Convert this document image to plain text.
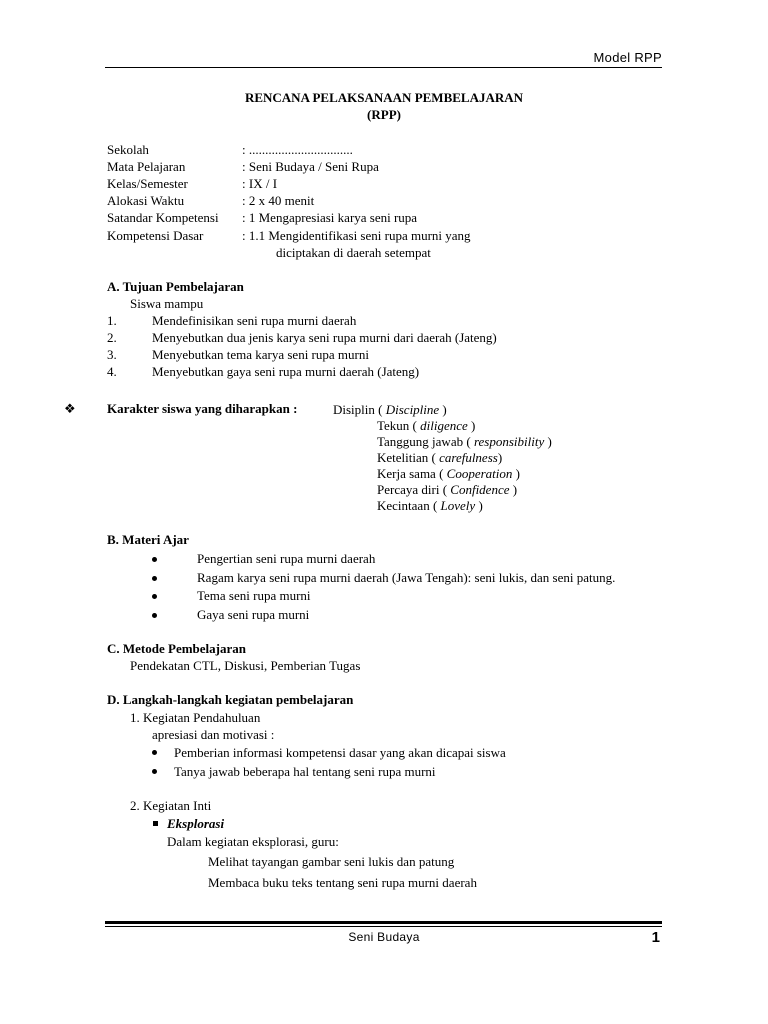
Model RPP
RENCANA PELAKSANAAN PEMBELAJARAN
(RPP)
Sekolah	: ................................
Mata Pelajaran	: Seni Budaya / Seni Rupa
Kelas/Semester	: IX / I
Alokasi Waktu	: 2 x 40 menit
Satandar Kompetensi : 1 Mengapresiasi karya seni rupa
Kompetensi Dasar	: 1.1 Mengidentifikasi seni rupa murni yang
diciptakan di daerah setempat
A. Tujuan Pembelajaran
Siswa mampu
1.	Mendefinisikan seni rupa murni daerah
2.	Menyebutkan dua jenis karya seni rupa murni dari daerah (Jateng)
3.	Menyebutkan tema karya seni rupa murni
4.	Menyebutkan gaya seni rupa murni daerah (Jateng)
❖ Karakter siswa yang diharapkan :	Disiplin ( Discipline )
Tekun ( diligence )
Tanggung jawab ( responsibility )
Ketelitian ( carefulness)
Kerja sama ( Cooperation )
Percaya diri ( Confidence )
Kecintaan ( Lovely )
B. Materi Ajar
Pengertian seni rupa murni daerah
Ragam karya seni rupa murni daerah (Jawa Tengah): seni lukis, dan seni patung.
Tema seni rupa murni
Gaya seni rupa murni
C. Metode Pembelajaran
Pendekatan CTL, Diskusi, Pemberian Tugas
D. Langkah-langkah kegiatan pembelajaran
1. Kegiatan Pendahuluan
apresiasi dan motivasi :
Pemberian informasi kompetensi dasar yang akan dicapai siswa
Tanya jawab beberapa hal tentang seni rupa murni
2. Kegiatan Inti
Eksplorasi
Dalam kegiatan eksplorasi, guru:
Melihat tayangan gambar seni lukis dan patung
Membaca buku teks tentang seni rupa murni daerah
Seni Budaya	1
